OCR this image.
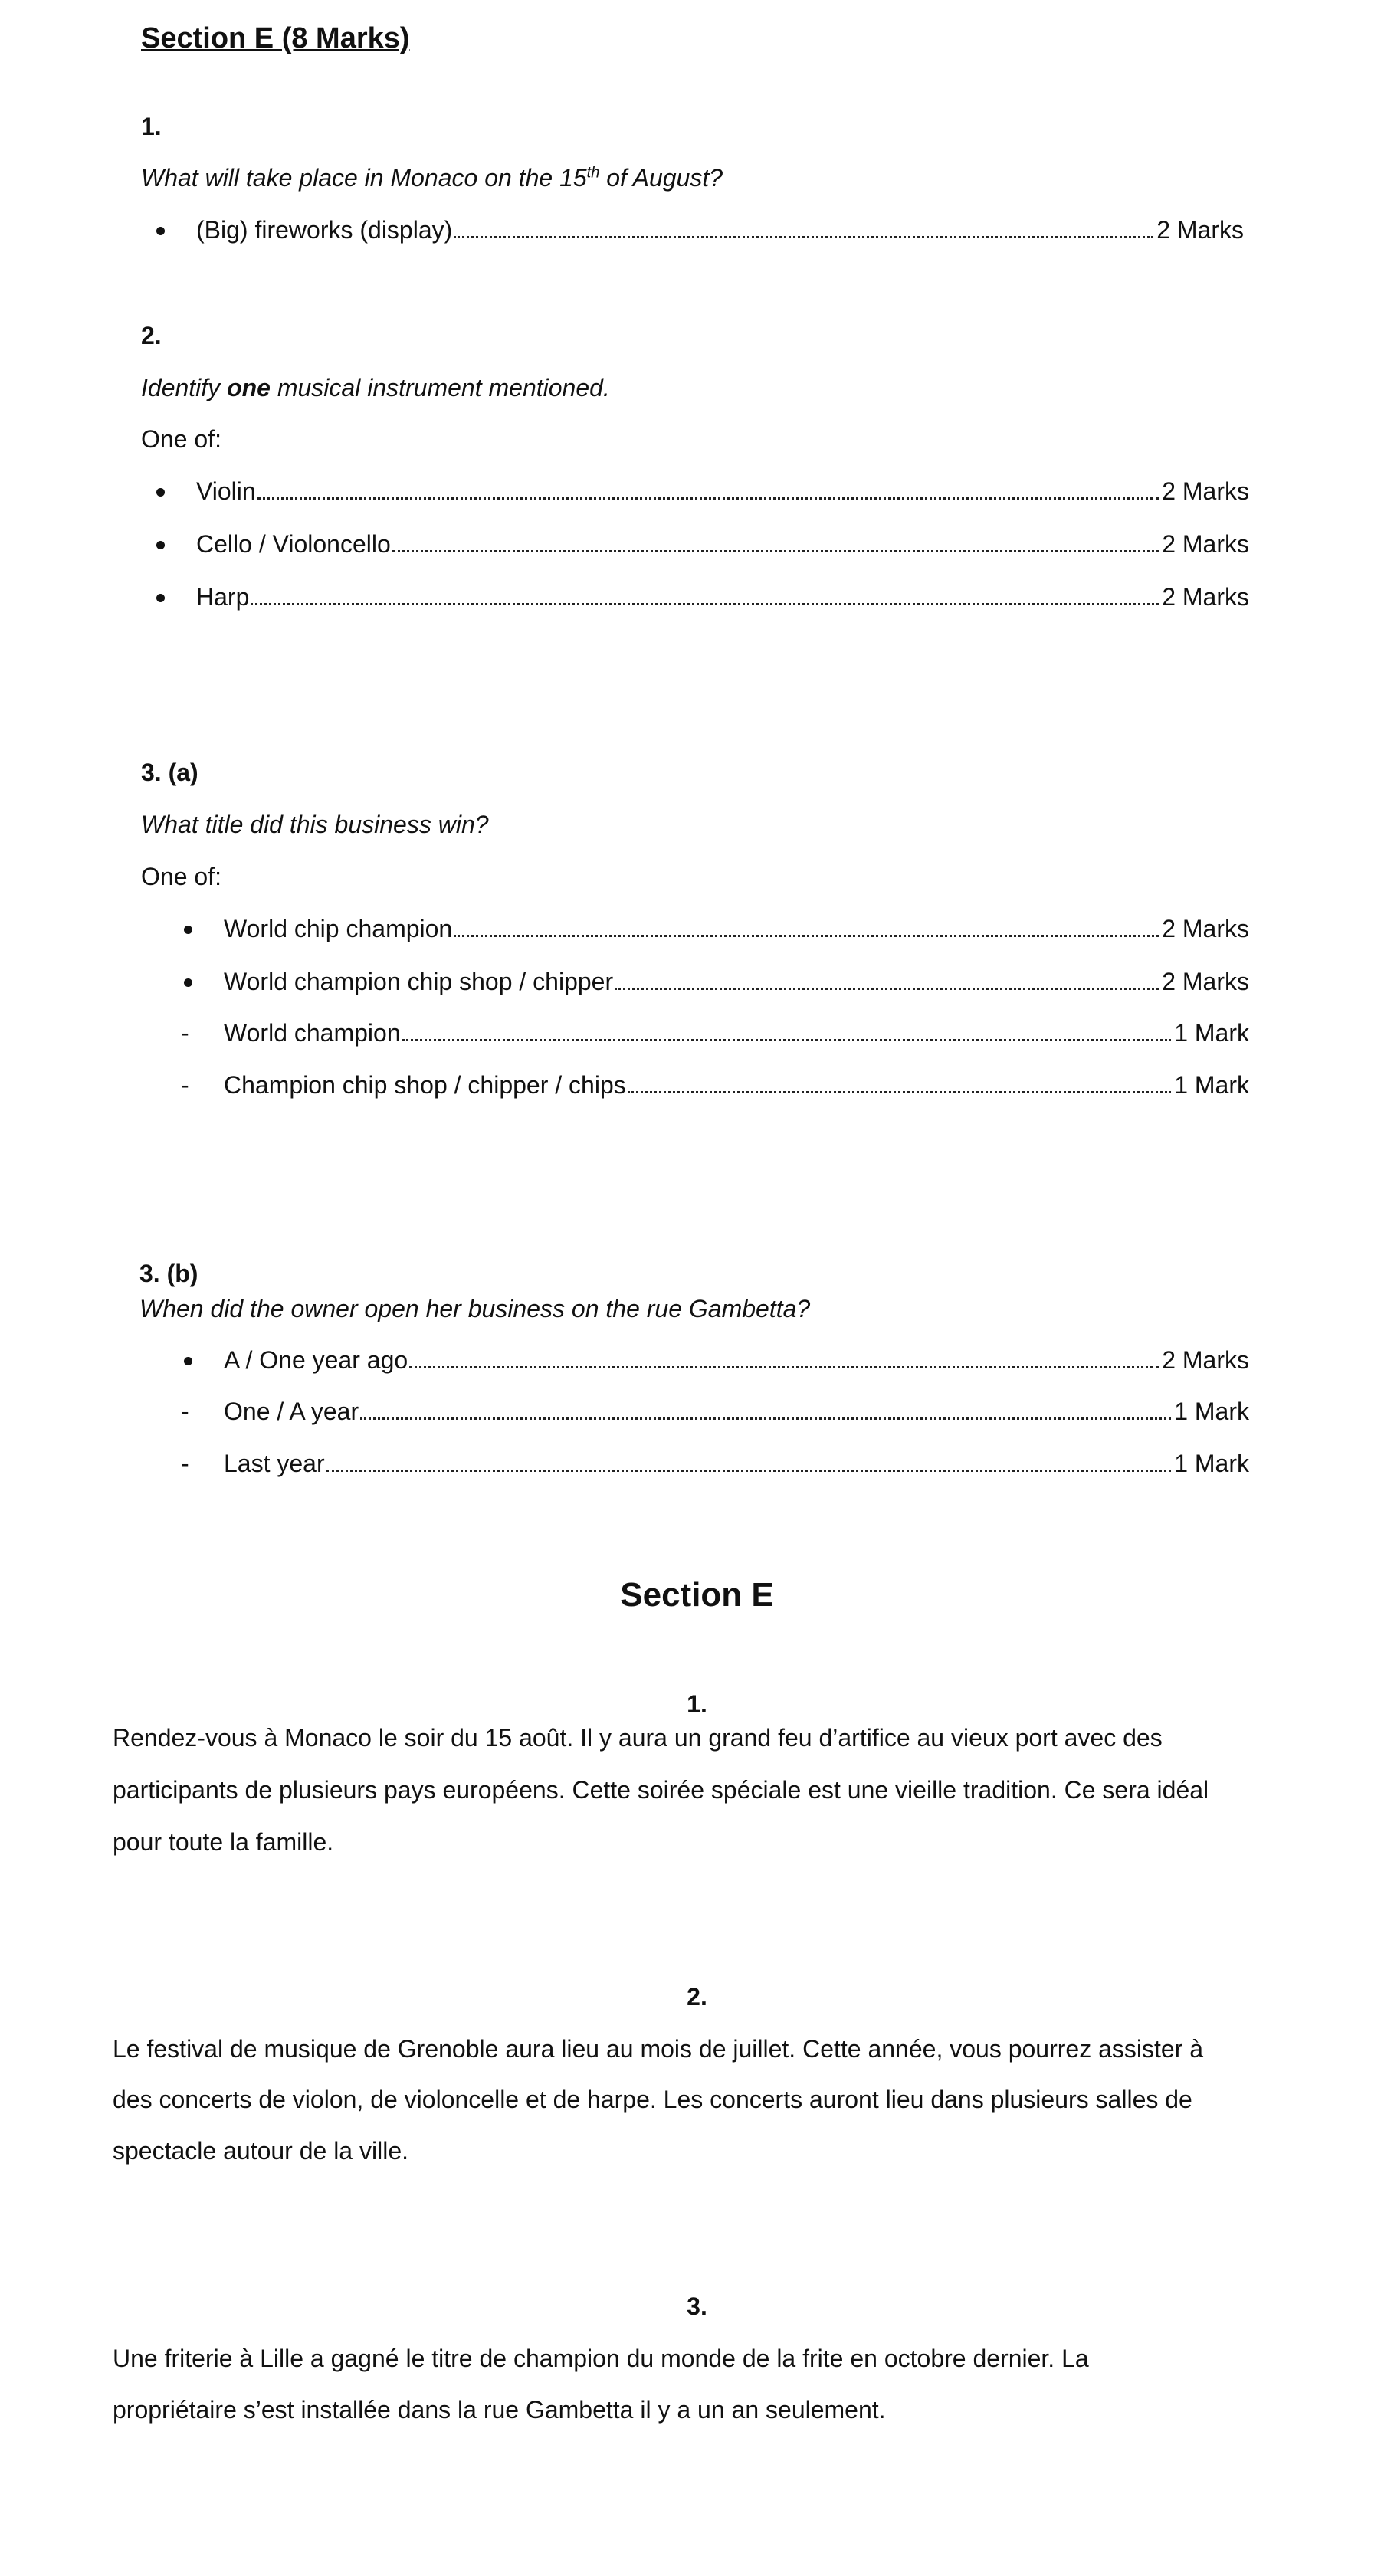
Section E (8 Marks)
1.
What will take place in Monaco on the 15th of August?
(Big) fireworks (display)	2 Marks
2.
Identify one musical instrument mentioned.
One of:
Violin	2 Marks
Cello / Violoncello	2 Marks
Harp	2 Marks
3. (a)
What title did this business win?
One of:
World chip champion	2 Marks
World champion chip shop / chipper	2 Marks
- World champion	1 Mark
- Champion chip shop / chipper / chips	1 Mark
3. (b)
When did the owner open her business on the rue Gambetta?
A / One year ago	2 Marks
- One / A year	1 Mark
- Last year	1 Mark
Section E
1.
Rendez-vous à Monaco le soir du 15 août. Il y aura un grand feu d’artifice au vieux port avec des
participants de plusieurs pays européens. Cette soirée spéciale est une vieille tradition. Ce sera idéal
pour toute la famille.
2.
Le festival de musique de Grenoble aura lieu au mois de juillet. Cette année, vous pourrez assister à
des concerts de violon, de violoncelle et de harpe. Les concerts auront lieu dans plusieurs salles de
spectacle autour de la ville.
3.
Une friterie à Lille a gagné le titre de champion du monde de la frite en octobre dernier. La
propriétaire s’est installée dans la rue Gambetta il y a un an seulement.
